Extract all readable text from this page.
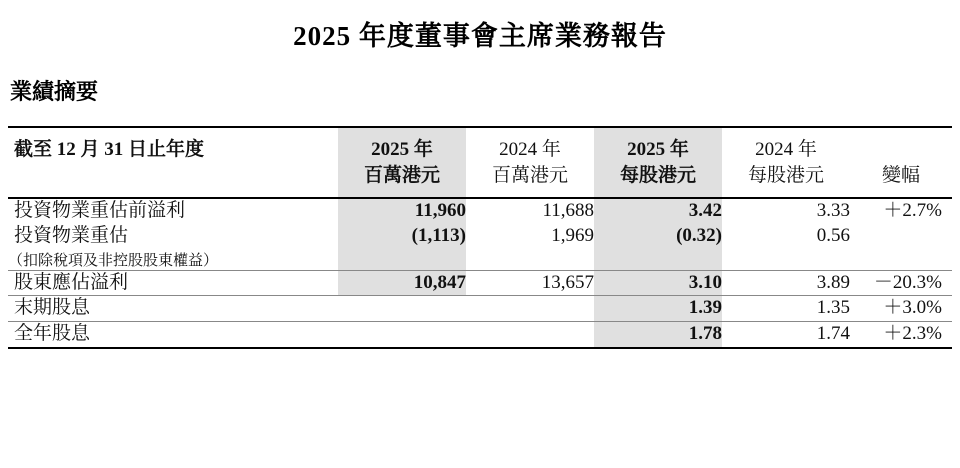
2025 年度董事會主席業務報告
業績摘要
截至 12 月 31 日止年度	2025 年	2024 年	2025 年	2024 年	
	百萬港元	百萬港元	每股港元	每股港元	變幅
投資物業重估前溢利	11,960	11,688	3.42	3.33	＋2.7%
投資物業重估	(1,113)	1,969	(0.32)	0.56	
（扣除稅項及非控股股東權益）					
股東應佔溢利	10,847	13,657	3.10	3.89	－20.3%
末期股息			1.39	1.35	＋3.0%
全年股息			1.78	1.74	＋2.3%
